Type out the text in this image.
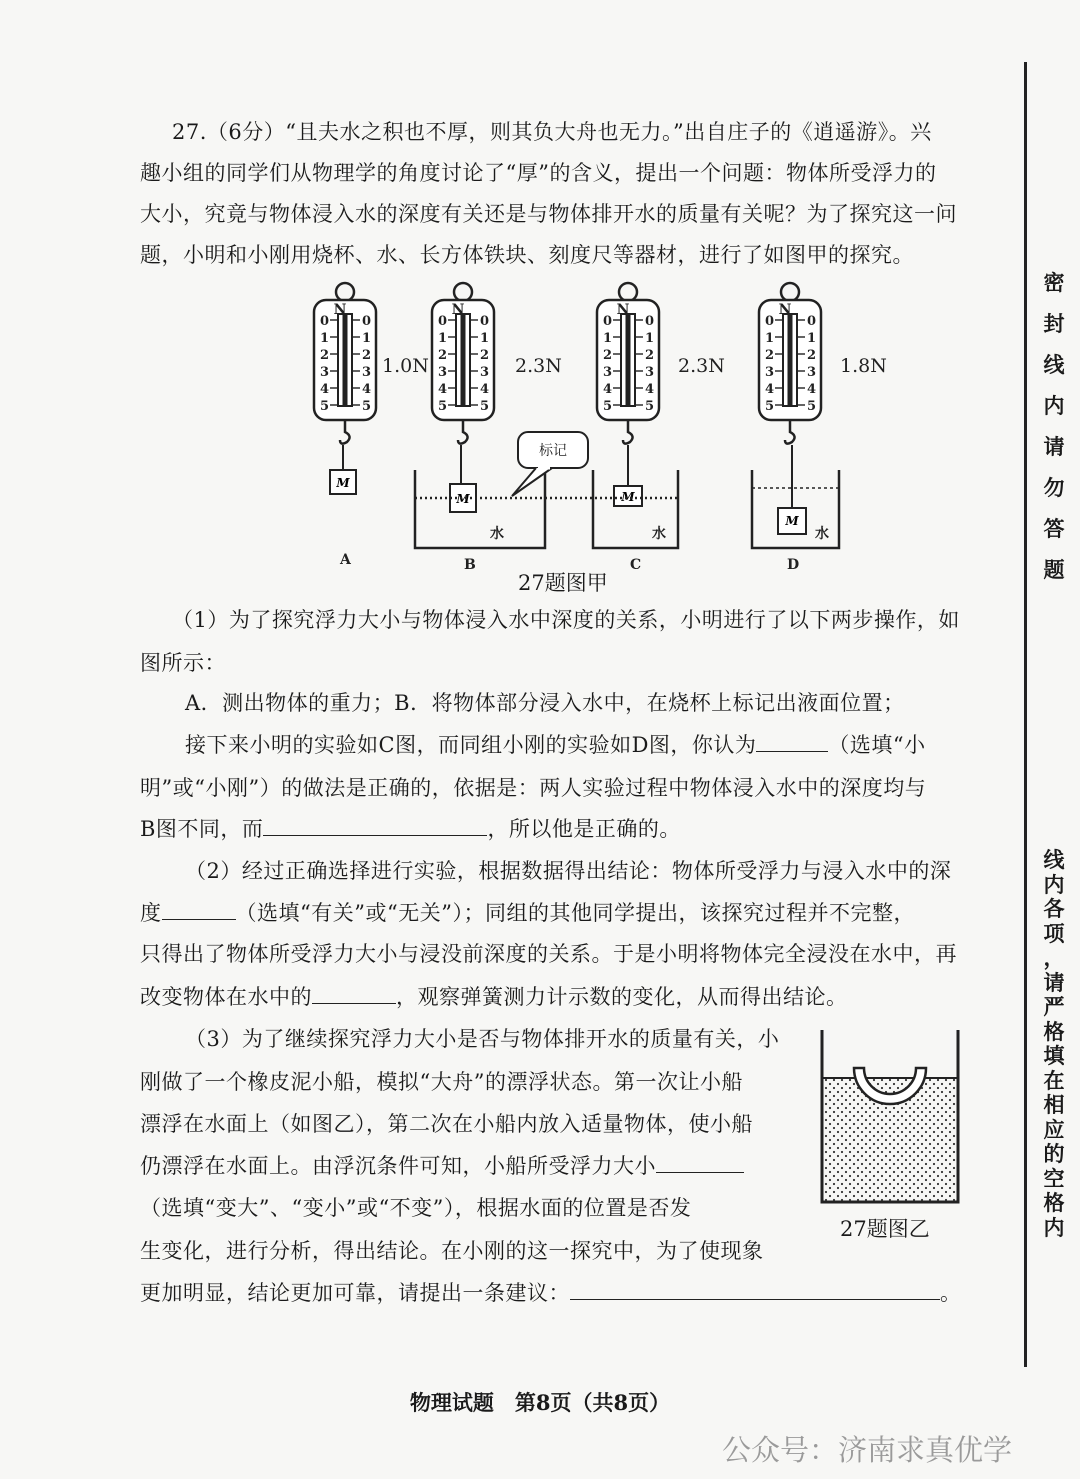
27.（6分）“且夫水之积也不厚，则其负大舟也无力。”出自庄子的《逍遥游》。兴
趣小组的同学们从物理学的角度讨论了“厚”的含义，提出一个问题：物体所受浮力的
大小，究竟与物体浸入水的深度有关还是与物体排开水的质量有关呢？为了探究这一问
题，小明和小刚用烧杯、水、长方体铁块、刻度尺等器材，进行了如图甲的探究。
N	N	N	N
0
1
2
3
4
5
0
1
2
3
4
5
0
1
2
3
4
5
0
1
2
3
4
5
0
1
2
3
4
5
0
1
2
3
4
5
0
1
2
3
4
5
0
1
2
3
4
5
1.0N	2.3N	2.3N	1.8N
M
M
水
M
水
M
水
标记
A	B	C	D
27题图甲
（1）为了探究浮力大小与物体浸入水中深度的关系，小明进行了以下两步操作，如
图所示：
A．测出物体的重力；B．将物体部分浸入水中，在烧杯上标记出液面位置；
接下来小明的实验如C图，而同组小刚的实验如D图，你认为	（选填“小
明”或“小刚”）的做法是正确的，依据是：两人实验过程中物体浸入水中的深度均与
B图不同，而	，所以他是正确的。
（2）经过正确选择进行实验，根据数据得出结论：物体所受浮力与浸入水中的深
度	（选填“有关”或“无关”）；同组的其他同学提出，该探究过程并不完整，
只得出了物体所受浮力大小与浸没前深度的关系。于是小明将物体完全浸没在水中，再
改变物体在水中的	，观察弹簧测力计示数的变化，从而得出结论。
（3）为了继续探究浮力大小是否与物体排开水的质量有关，小
刚做了一个橡皮泥小船，模拟“大舟”的漂浮状态。第一次让小船
漂浮在水面上（如图乙），第二次在小船内放入适量物体，使小船
仍漂浮在水面上。由浮沉条件可知，小船所受浮力大小
（选填“变大”、“变小”或“不变”），根据水面的位置是否发
生变化，进行分析，得出结论。在小刚的这一探究中，为了使现象
更加明显，结论更加可靠，请提出一条建议：	。
27题图乙
密
封
线
内
请
勿
答
题
线
内
各
项
，
请
严
格
填
在
相
应
的
空
格
内
物理试题　第8页（共8页）
公众号：济南求真优学
